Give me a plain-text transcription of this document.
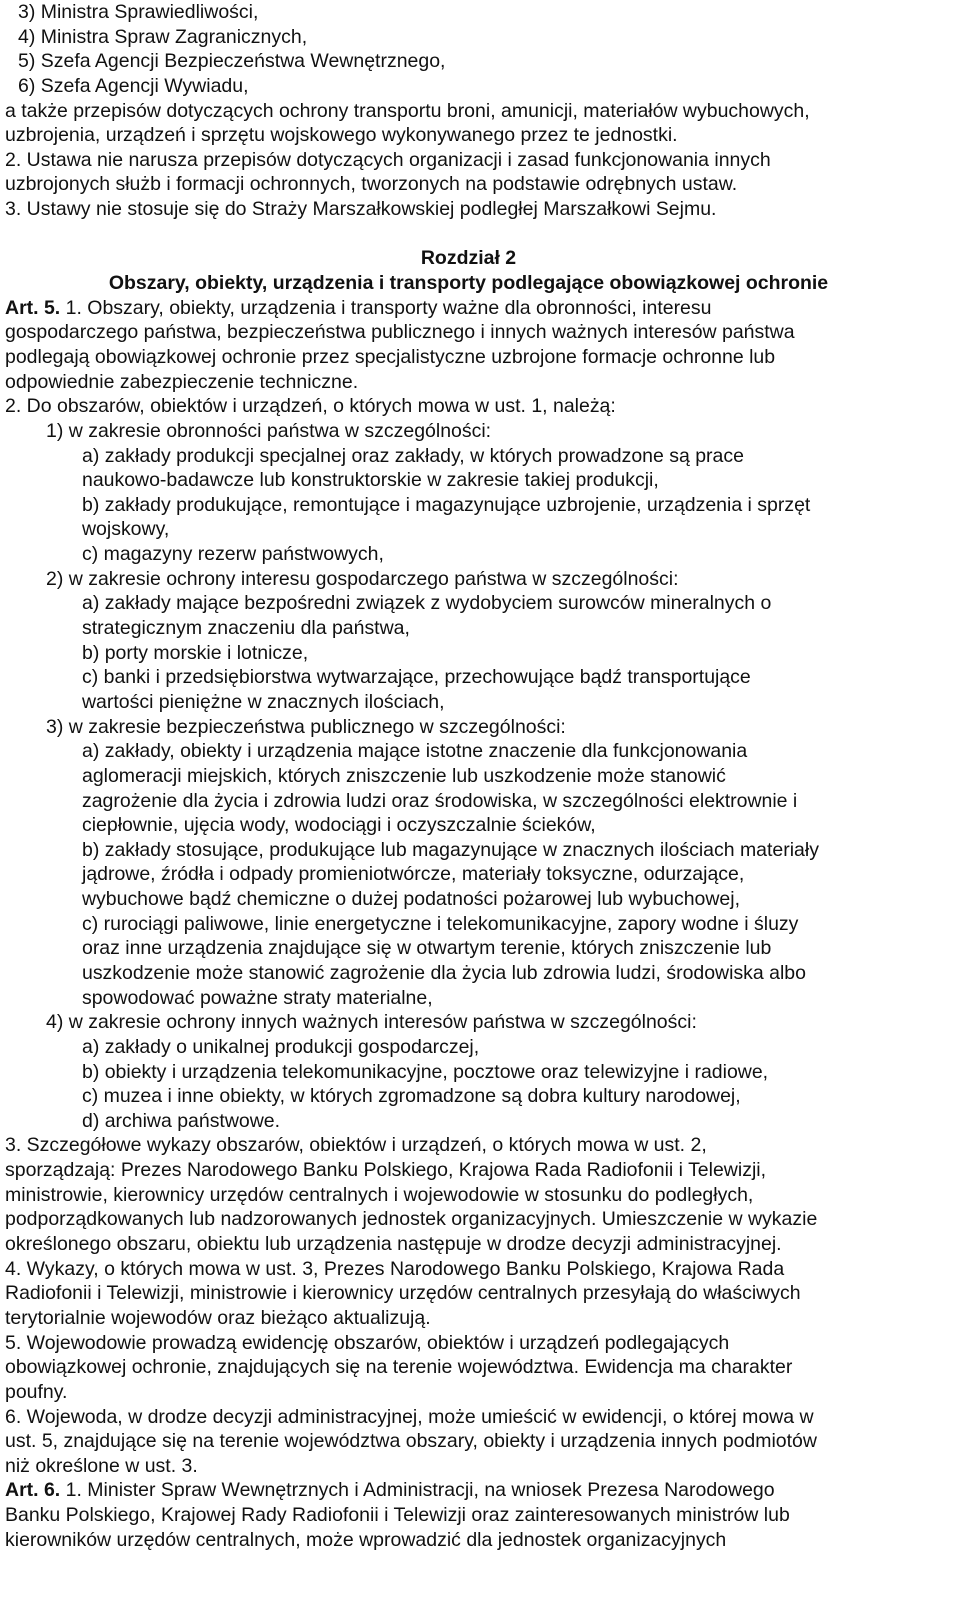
3) Ministra Sprawiedliwości,
4) Ministra Spraw Zagranicznych,
5) Szefa Agencji Bezpieczeństwa Wewnętrznego,
6) Szefa Agencji Wywiadu,
a także przepisów dotyczących ochrony transportu broni, amunicji, materiałów wybuchowych,
uzbrojenia, urządzeń i sprzętu wojskowego wykonywanego przez te jednostki.
2. Ustawa nie narusza przepisów dotyczących organizacji i zasad funkcjonowania innych
uzbrojonych służb i formacji ochronnych, tworzonych na podstawie odrębnych ustaw.
3. Ustawy nie stosuje się do Straży Marszałkowskiej podległej Marszałkowi Sejmu.
Rozdział 2
Obszary, obiekty, urządzenia i transporty podlegające obowiązkowej ochronie
Art. 5. 1. Obszary, obiekty, urządzenia i transporty ważne dla obronności, interesu
gospodarczego państwa, bezpieczeństwa publicznego i innych ważnych interesów państwa
podlegają obowiązkowej ochronie przez specjalistyczne uzbrojone formacje ochronne lub
odpowiednie zabezpieczenie techniczne.
2. Do obszarów, obiektów i urządzeń, o których mowa w ust. 1, należą:
1) w zakresie obronności państwa w szczególności:
a) zakłady produkcji specjalnej oraz zakłady, w których prowadzone są prace
naukowo-badawcze lub konstruktorskie w zakresie takiej produkcji,
b) zakłady produkujące, remontujące i magazynujące uzbrojenie, urządzenia i sprzęt
wojskowy,
c) magazyny rezerw państwowych,
2) w zakresie ochrony interesu gospodarczego państwa w szczególności:
a) zakłady mające bezpośredni związek z wydobyciem surowców mineralnych o
strategicznym znaczeniu dla państwa,
b) porty morskie i lotnicze,
c) banki i przedsiębiorstwa wytwarzające, przechowujące bądź transportujące
wartości pieniężne w znacznych ilościach,
3) w zakresie bezpieczeństwa publicznego w szczególności:
a) zakłady, obiekty i urządzenia mające istotne znaczenie dla funkcjonowania
aglomeracji miejskich, których zniszczenie lub uszkodzenie może stanowić
zagrożenie dla życia i zdrowia ludzi oraz środowiska, w szczególności elektrownie i
ciepłownie, ujęcia wody, wodociągi i oczyszczalnie ścieków,
b) zakłady stosujące, produkujące lub magazynujące w znacznych ilościach materiały
jądrowe, źródła i odpady promieniotwórcze, materiały toksyczne, odurzające,
wybuchowe bądź chemiczne o dużej podatności pożarowej lub wybuchowej,
c) rurociągi paliwowe, linie energetyczne i telekomunikacyjne, zapory wodne i śluzy
oraz inne urządzenia znajdujące się w otwartym terenie, których zniszczenie lub
uszkodzenie może stanowić zagrożenie dla życia lub zdrowia ludzi, środowiska albo
spowodować poważne straty materialne,
4) w zakresie ochrony innych ważnych interesów państwa w szczególności:
a) zakłady o unikalnej produkcji gospodarczej,
b) obiekty i urządzenia telekomunikacyjne, pocztowe oraz telewizyjne i radiowe,
c) muzea i inne obiekty, w których zgromadzone są dobra kultury narodowej,
d) archiwa państwowe.
3. Szczegółowe wykazy obszarów, obiektów i urządzeń, o których mowa w ust. 2,
sporządzają: Prezes Narodowego Banku Polskiego, Krajowa Rada Radiofonii i Telewizji,
ministrowie, kierownicy urzędów centralnych i wojewodowie w stosunku do podległych,
podporządkowanych lub nadzorowanych jednostek organizacyjnych. Umieszczenie w wykazie
określonego obszaru, obiektu lub urządzenia następuje w drodze decyzji administracyjnej.
4. Wykazy, o których mowa w ust. 3, Prezes Narodowego Banku Polskiego, Krajowa Rada
Radiofonii i Telewizji, ministrowie i kierownicy urzędów centralnych przesyłają do właściwych
terytorialnie wojewodów oraz bieżąco aktualizują.
5. Wojewodowie prowadzą ewidencję obszarów, obiektów i urządzeń podlegających
obowiązkowej ochronie, znajdujących się na terenie województwa. Ewidencja ma charakter
poufny.
6. Wojewoda, w drodze decyzji administracyjnej, może umieścić w ewidencji, o której mowa w
ust. 5, znajdujące się na terenie województwa obszary, obiekty i urządzenia innych podmiotów
niż określone w ust. 3.
Art. 6. 1. Minister Spraw Wewnętrznych i Administracji, na wniosek Prezesa Narodowego
Banku Polskiego, Krajowej Rady Radiofonii i Telewizji oraz zainteresowanych ministrów lub
kierowników urzędów centralnych, może wprowadzić dla jednostek organizacyjnych
